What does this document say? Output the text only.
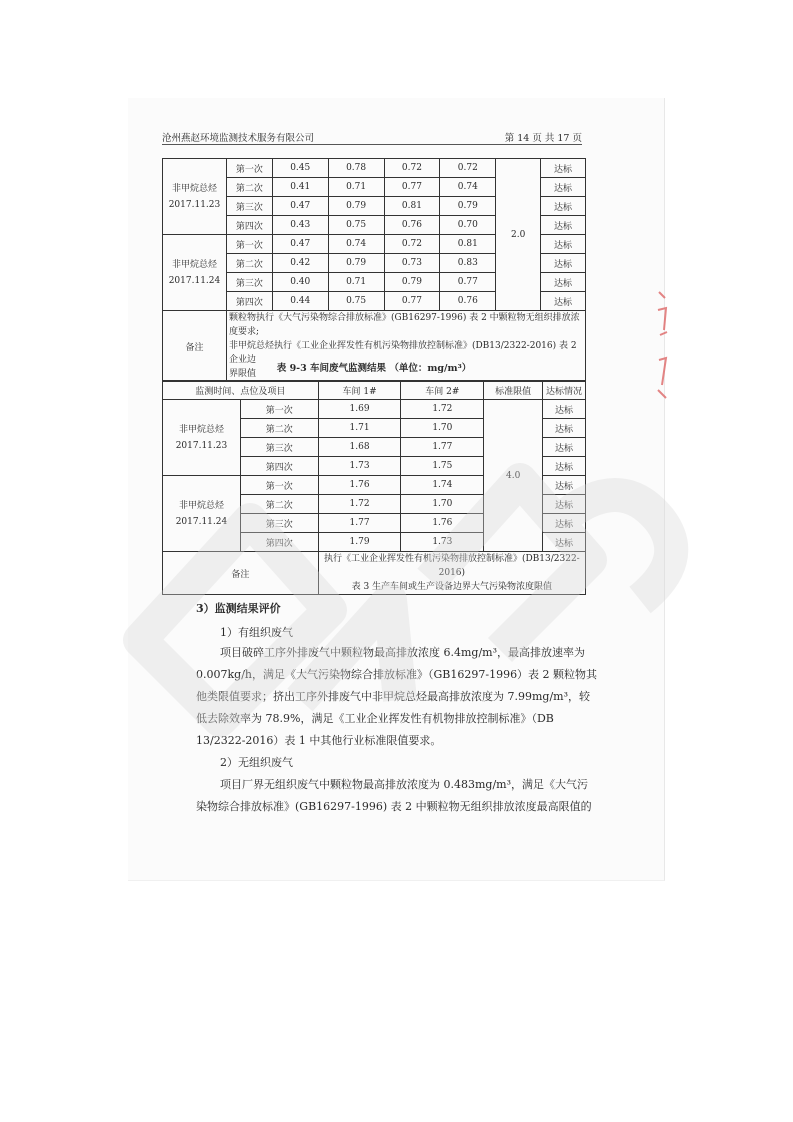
沧州燕赵环境监测技术服务有限公司	第 14 页 共 17 页
非甲烷总烃
2017.11.23	第一次	0.45	0.78	0.72	0.72	2.0	达标
	第二次	0.41	0.71	0.77	0.74		达标
	第三次	0.47	0.79	0.81	0.79		达标
	第四次	0.43	0.75	0.76	0.70		达标
非甲烷总烃
2017.11.24	第一次	0.47	0.74	0.72	0.81		达标
	第二次	0.42	0.79	0.73	0.83		达标
	第三次	0.40	0.71	0.79	0.77		达标
	第四次	0.44	0.75	0.77	0.76		达标
备注	颗粒物执行《大气污染物综合排放标准》(GB16297-1996) 表 2 中颗粒物无组织排放浓度要求;
非甲烷总烃执行《工业企业挥发性有机污染物排放控制标准》(DB13/2322-2016) 表 2 企业边
界限值							表 9-3 车间废气监测结果 （单位：mg/m³）
监测时间、点位及项目		车间 1#	车间 2#	标准限值	达标情况
非甲烷总烃
2017.11.23	第一次	1.69	1.72	4.0	达标
	第二次	1.71	1.70		达标
	第三次	1.68	1.77		达标
	第四次	1.73	1.75		达标
非甲烷总烃
2017.11.24	第一次	1.76	1.74		达标
	第二次	1.72	1.70		达标
	第三次	1.77	1.76		达标
	第四次	1.79	1.73		达标
备注		执行《工业企业挥发性有机污染物排放控制标准》(DB13/2322-2016)
表 3 生产车间或生产设备边界大气污染物浓度限值			
3）监测结果评价
1）有组织废气
项目破碎工序外排废气中颗粒物最高排放浓度 6.4mg/m³，最高排放速率为
0.007kg/h，满足《大气污染物综合排放标准》（GB16297-1996）表 2 颗粒物其
他类限值要求；挤出工序外排废气中非甲烷总烃最高排放浓度为 7.99mg/m³，较
低去除效率为 78.9%，满足《工业企业挥发性有机物排放控制标准》（DB
13/2322-2016）表 1 中其他行业标准限值要求。
2）无组织废气
项目厂界无组织废气中颗粒物最高排放浓度为 0.483mg/m³，满足《大气污
染物综合排放标准》(GB16297-1996) 表 2 中颗粒物无组织排放浓度最高限值的
